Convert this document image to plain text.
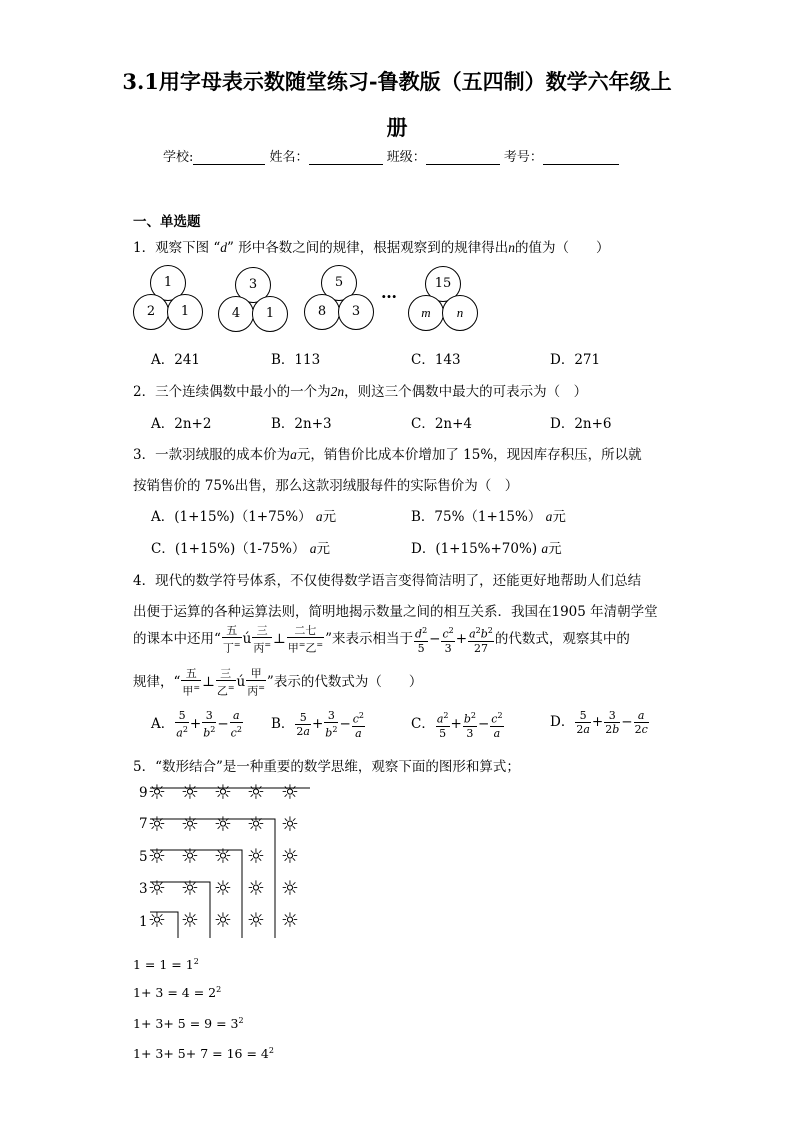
3.1用字母表示数随堂练习-鲁教版（五四制）数学六年级上
册
学校:	姓名：	班级：	考号：
一、单选题
1．观察下图 “d” 形中各数之间的规律，根据观察到的规律得出n的值为（　　）
1
2	1
3
4	1
5
8	3
…	15
m	n
A．241	B．113	C．143	D．271
2．三个连续偶数中最小的一个为2n，则这三个偶数中最大的可表示为（　）
A．2n+2	B．2n+3	C．2n+4	D．2n+6
3．一款羽绒服的成本价为a元，销售价比成本价增加了 15%，现因库存积压，所以就
按销售价的 75%出售，那么这款羽绒服每件的实际售价为（　）
A．(1+15%)（1+75%） a元	B．75%（1+15%） a元
C．(1+15%)（1-75%） a元	D．(1+15%+70%) a元
4．现代的数学符号体系，不仅使得数学语言变得简洁明了，还能更好地帮助人们总结
出便于运算的各种运算法则，简明地揭示数量之间的相互关系．我国在1905 年清朝学堂
的课本中还用“ $\frac{\text{五}}{丁^=}$ ú $\frac{\text{三}}{丙^=}$ ⊥ $\frac{\text{二七}}{甲^=乙^=}$ ”来表示相当于 $\frac{d^2}{5} - \frac{c^2}{3} + \frac{a^2b^2}{27}$ 的代数式，观察其中的
规律，“ $\frac{\text{五}}{甲^=}$ ⊥ $\frac{\text{三}}{乙^=}$ ú $\frac{\text{甲}}{丙^=}$ ”表示的代数式为（　　）
A． $\frac{5}{a^2} + \frac{3}{b^2} - \frac{a}{c^2}$ B． $\frac{5}{2a} + \frac{3}{b^2} - \frac{c^2}{a}$	C． $\frac{a^2}{5} + \frac{b^2}{3} - \frac{c^2}{a}$	D． $\frac{5}{2a} + \frac{3}{2b} - \frac{a}{2c}$
5．“数形结合”是一种重要的数学思维，观察下面的图形和算式；
9
7
5
3
1
☼ ☼ ☼ ☼ ☼
☼ ☼ ☼ ☼ ☼
☼ ☼ ☼ ☼ ☼
☼ ☼ ☼ ☼ ☼
☼ ☼ ☼ ☼ ☼
$1 = 1 = 1^2$
$1+ 3 = 4 = 2^2$
$1+ 3+ 5 = 9 = 3^2$
$1+ 3+ 5+ 7 = 16 = 4^2$
